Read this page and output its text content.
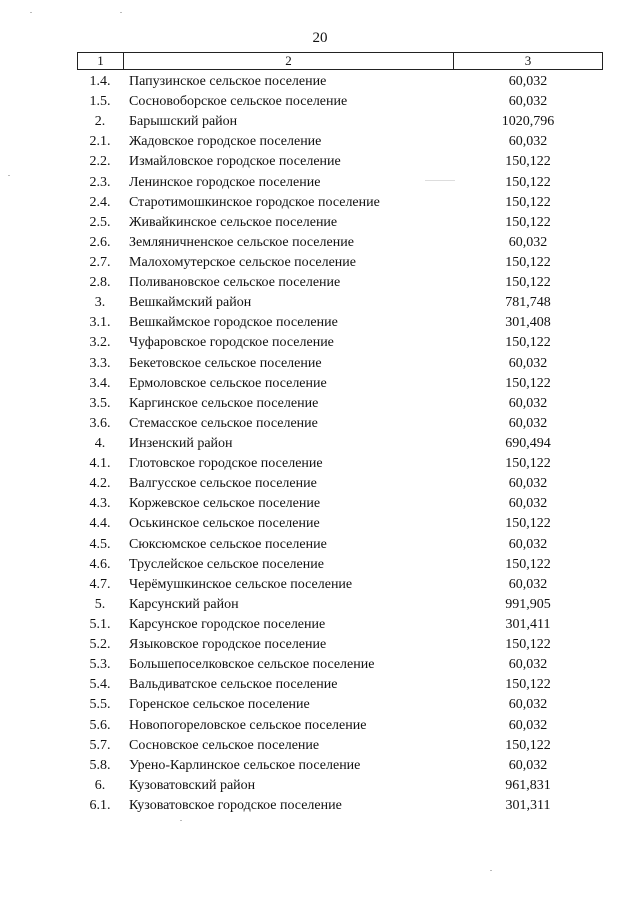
20
1	2	3
1.4.	Папузинское сельское поселение	60,032
1.5.	Сосновоборское сельское поселение	60,032
2.	Барышский район	1020,796
2.1.	Жадовское городское поселение	60,032
2.2.	Измайловское городское поселение	150,122
2.3.	Ленинское городское поселение	150,122
2.4.	Старотимошкинское городское поселение	150,122
2.5.	Живайкинское сельское поселение	150,122
2.6.	Земляничненское сельское поселение	60,032
2.7.	Малохомутерское сельское поселение	150,122
2.8.	Поливановское сельское поселение	150,122
3.	Вешкаймский район	781,748
3.1.	Вешкаймское городское поселение	301,408
3.2.	Чуфаровское городское поселение	150,122
3.3.	Бекетовское сельское поселение	60,032
3.4.	Ермоловское сельское поселение	150,122
3.5.	Каргинское сельское поселение	60,032
3.6.	Стемасское сельское поселение	60,032
4.	Инзенский район	690,494
4.1.	Глотовское городское поселение	150,122
4.2.	Валгусское сельское поселение	60,032
4.3.	Коржевское сельское поселение	60,032
4.4.	Оськинское сельское поселение	150,122
4.5.	Сюксюмское сельское поселение	60,032
4.6.	Труслейское сельское поселение	150,122
4.7.	Черёмушкинское сельское поселение	60,032
5.	Карсунский район	991,905
5.1.	Карсунское городское поселение	301,411
5.2.	Языковское городское поселение	150,122
5.3.	Большепоселковское сельское поселение	60,032
5.4.	Вальдиватское сельское поселение	150,122
5.5.	Горенское сельское поселение	60,032
5.6.	Новопогореловское сельское поселение	60,032
5.7.	Сосновское сельское поселение	150,122
5.8.	Урено-Карлинское сельское поселение	60,032
6.	Кузоватовский район	961,831
6.1.	Кузоватовское городское поселение	301,311
